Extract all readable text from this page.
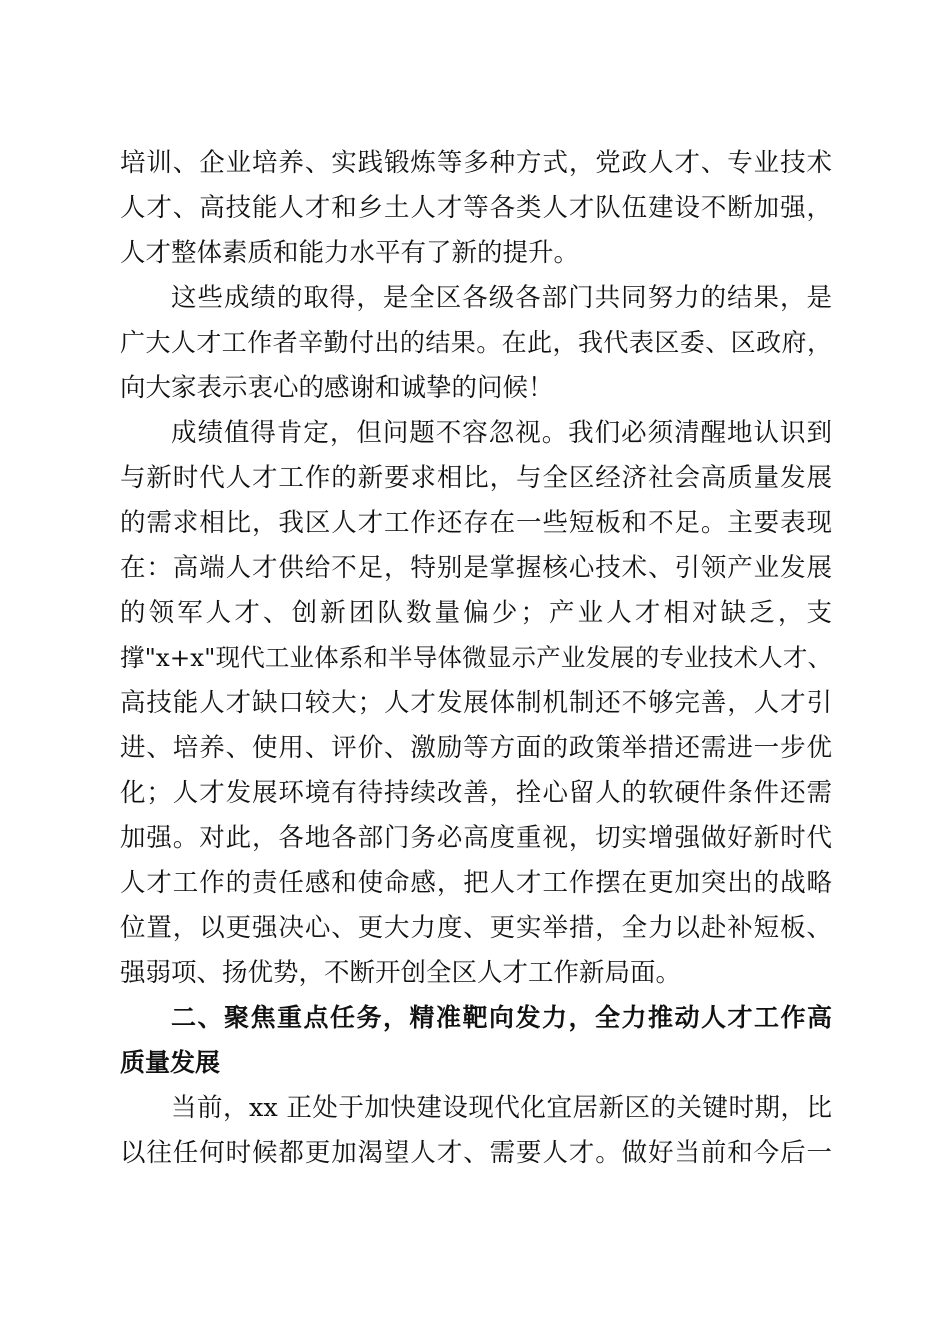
培训、企业培养、实践锻炼等多种方式，党政人才、专业技术
人才、高技能人才和乡土人才等各类人才队伍建设不断加强，
人才整体素质和能力水平有了新的提升。
这些成绩的取得，是全区各级各部门共同努力的结果，是
广大人才工作者辛勤付出的结果。在此，我代表区委、区政府，
向大家表示衷心的感谢和诚挚的问候！
成绩值得肯定，但问题不容忽视。我们必须清醒地认识到
与新时代人才工作的新要求相比，与全区经济社会高质量发展
的需求相比，我区人才工作还存在一些短板和不足。主要表现
在：高端人才供给不足，特别是掌握核心技术、引领产业发展
的领军人才、创新团队数量偏少；产业人才相对缺乏，支
撑"x+x"现代工业体系和半导体微显示产业发展的专业技术人才、
高技能人才缺口较大；人才发展体制机制还不够完善，人才引
进、培养、使用、评价、激励等方面的政策举措还需进一步优
化；人才发展环境有待持续改善，拴心留人的软硬件条件还需
加强。对此，各地各部门务必高度重视，切实增强做好新时代
人才工作的责任感和使命感，把人才工作摆在更加突出的战略
位置，以更强决心、更大力度、更实举措，全力以赴补短板、
强弱项、扬优势，不断开创全区人才工作新局面。
二、聚焦重点任务，精准靶向发力，全力推动人才工作高
质量发展
当前，xx 正处于加快建设现代化宜居新区的关键时期，比
以往任何时候都更加渴望人才、需要人才。做好当前和今后一
